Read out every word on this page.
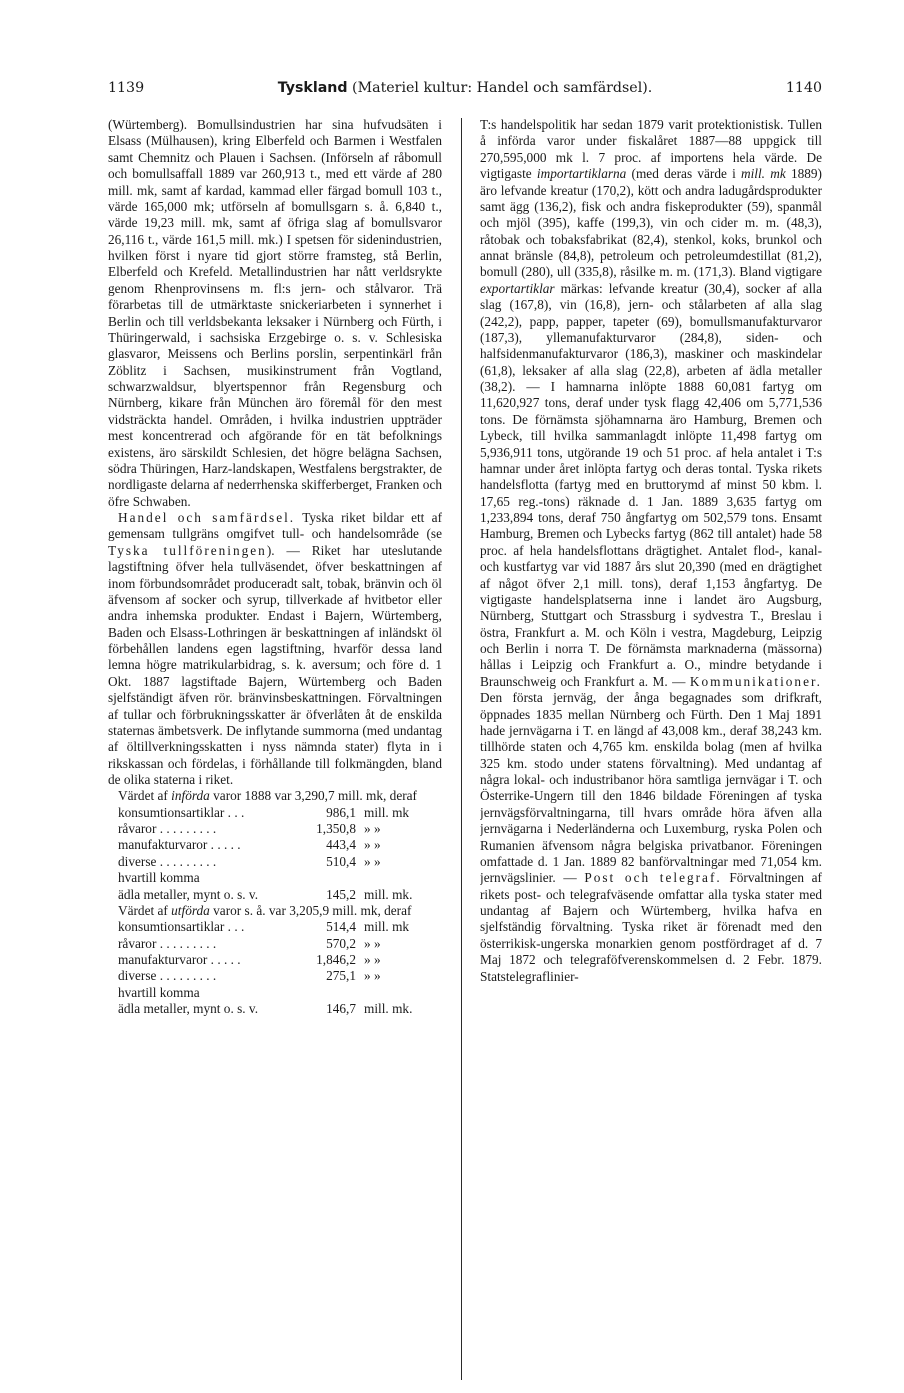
1139	Tyskland (Materiel kultur: Handel och samfärdsel).	1140

(Würtemberg). Bomullsindustrien har sina hufvudsäten i Elsass (Mülhausen), kring Elberfeld och Barmen i Westfalen samt Chemnitz och Plauen i Sachsen. (Införseln af råbomull och bomullsaffall 1889 var 260,913 t., med ett värde af 280 mill. mk, samt af kardad, kammad eller färgad bomull 103 t., värde 165,000 mk; utförseln af bomullsgarn s. å. 6,840 t., värde 19,23 mill. mk, samt af öfriga slag af bomullsvaror 26,116 t., värde 161,5 mill. mk.) I spetsen för sidenindustrien, hvilken först i nyare tid gjort större framsteg, stå Berlin, Elberfeld och Krefeld. Metallindustrien har nått verldsrykte genom Rhenprovinsens m. fl:s jern- och stålvaror. Trä förarbetas till de utmärktaste snickeriarbeten i synnerhet i Berlin och till verldsbekanta leksaker i Nürnberg och Fürth, i Thüringerwald, i sachsiska Erzgebirge o. s. v. Schlesiska glasvaror, Meissens och Berlins porslin, serpentinkärl från Zöblitz i Sachsen, musikinstrument från Vogtland, schwarzwaldsur, blyertspennor från Regensburg och Nürnberg, kikare från München äro föremål för den mest vidsträckta handel. Områden, i hvilka industrien uppträder mest koncentrerad och afgörande för en tät befolknings existens, äro särskildt Schlesien, det högre belägna Sachsen, södra Thüringen, Harz-landskapen, Westfalens bergstrakter, de nordligaste delarna af nederrhenska skifferberget, Franken och öfre Schwaben.

Handel och samfärdsel. Tyska riket bildar ett af gemensam tullgräns omgifvet tull- och handelsområde (se Tyska tullföreningen). — Riket har uteslutande lagstiftning öfver hela tullväsendet, öfver beskattningen af inom förbundsområdet produceradt salt, tobak, bränvin och öl äfvensom af socker och syrup, tillverkade af hvitbetor eller andra inhemska produkter. Endast i Bajern, Würtemberg, Baden och Elsass-Lothringen är beskattningen af inländskt öl förbehållen landens egen lagstiftning, hvarför dessa land lemna högre matrikularbidrag, s. k. aversum; och före d. 1 Okt. 1887 lagstiftade Bajern, Würtemberg och Baden sjelfständigt äfven rör. bränvinsbeskattningen. Förvaltningen af tullar och förbrukningsskatter är öfverlåten åt de enskilda staternas ämbetsverk. De inflytande summorna (med undantag af öltillverkningsskatten i nyss nämnda stater) flyta in i rikskassan och fördelas, i förhållande till folkmängden, bland de olika staterna i riket.

Värdet af införda varor 1888 var 3,290,7 mill. mk, deraf

konsumtionsartiklar . . .	986,1 mill. mk
råvaror . . . . . . . . .	1,350,8 » »
manufakturvaror . . . . .	443,4 » »
diverse . . . . . . . . .	510,4 » »
hvartill komma
ädla metaller, mynt o. s. v.	145,2 mill. mk.

Värdet af utförda varor s. å. var 3,205,9 mill. mk, deraf

konsumtionsartiklar . . .	514,4 mill. mk
råvaror . . . . . . . . .	570,2 » »
manufakturvaror . . . . .	1,846,2 » »
diverse . . . . . . . . .	275,1 » »
hvartill komma
ädla metaller, mynt o. s. v.	146,7 mill. mk.

T:s handelspolitik har sedan 1879 varit protektionistisk. Tullen å införda varor under fiskalåret 1887—88 uppgick till 270,595,000 mk l. 7 proc. af importens hela värde. De vigtigaste importartiklarna (med deras värde i mill. mk 1889) äro lefvande kreatur (170,2), kött och andra ladugårdsprodukter samt ägg (136,2), fisk och andra fiskeprodukter (59), spanmål och mjöl (395), kaffe (199,3), vin och cider m. m. (48,3), råtobak och tobaksfabrikat (82,4), stenkol, koks, brunkol och annat bränsle (84,8), petroleum och petroleumdestillat (81,2), bomull (280), ull (335,8), råsilke m. m. (171,3). Bland vigtigare exportartiklar märkas: lefvande kreatur (30,4), socker af alla slag (167,8), vin (16,8), jern- och stålarbeten af alla slag (242,2), papp, papper, tapeter (69), bomullsmanufakturvaror (187,3), yllemanufakturvaror (284,8), siden- och halfsidenmanufakturvaror (186,3), maskiner och maskindelar (61,8), leksaker af alla slag (22,8), arbeten af ädla metaller (38,2). — I hamnarna inlöpte 1888 60,081 fartyg om 11,620,927 tons, deraf under tysk flagg 42,406 om 5,771,536 tons. De förnämsta sjöhamnarna äro Hamburg, Bremen och Lybeck, till hvilka sammanlagdt inlöpte 11,498 fartyg om 5,936,911 tons, utgörande 19 och 51 proc. af hela antalet i T:s hamnar under året inlöpta fartyg och deras tontal. Tyska rikets handelsflotta (fartyg med en bruttorymd af minst 50 kbm. l. 17,65 reg.-tons) räknade d. 1 Jan. 1889 3,635 fartyg om 1,233,894 tons, deraf 750 ångfartyg om 502,579 tons. Ensamt Hamburg, Bremen och Lybecks fartyg (862 till antalet) hade 58 proc. af hela handelsflottans drägtighet. Antalet flod-, kanal- och kustfartyg var vid 1887 års slut 20,390 (med en drägtighet af något öfver 2,1 mill. tons), deraf 1,153 ångfartyg. De vigtigaste handelsplatserna inne i landet äro Augsburg, Nürnberg, Stuttgart och Strassburg i sydvestra T., Breslau i östra, Frankfurt a. M. och Köln i vestra, Magdeburg, Leipzig och Berlin i norra T. De förnämsta marknaderna (mässorna) hållas i Leipzig och Frankfurt a. O., mindre betydande i Braunschweig och Frankfurt a. M. — Kommunikationer. Den första jernväg, der ånga begagnades som drifkraft, öppnades 1835 mellan Nürnberg och Fürth. Den 1 Maj 1891 hade jernvägarna i T. en längd af 43,008 km., deraf 38,243 km. tillhörde staten och 4,765 km. enskilda bolag (men af hvilka 325 km. stodo under statens förvaltning). Med undantag af några lokal- och industribanor höra samtliga jernvägar i T. och Österrike-Ungern till den 1846 bildade Föreningen af tyska jernvägsförvaltningarna, till hvars område höra äfven alla jernvägarna i Nederländerna och Luxemburg, ryska Polen och Rumanien äfvensom några belgiska privatbanor. Föreningen omfattade d. 1 Jan. 1889 82 banförvaltningar med 71,054 km. jernvägslinier. — Post och telegraf. Förvaltningen af rikets post- och telegrafväsende omfattar alla tyska stater med undantag af Bajern och Würtemberg, hvilka hafva en sjelfständig förvaltning. Tyska riket är förenadt med den österrikisk-ungerska monarkien genom postfördraget af d. 7 Maj 1872 och telegraföfverenskommelsen d. 2 Febr. 1879. Statstelegraflinier-
